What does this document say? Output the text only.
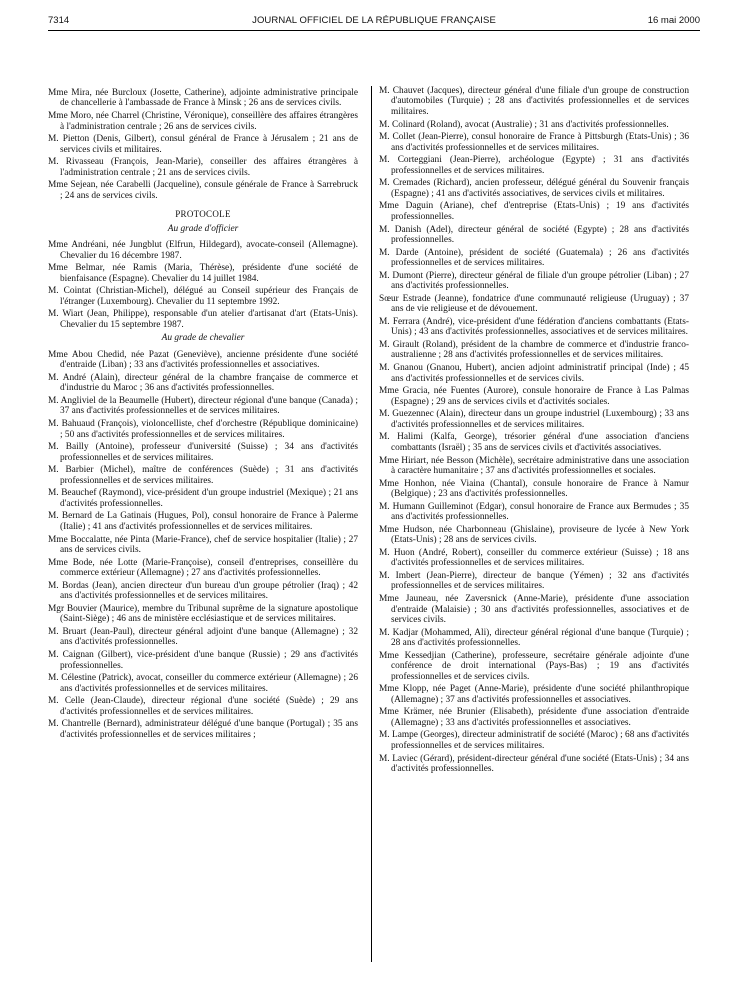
7314	JOURNAL OFFICIEL DE LA RÉPUBLIQUE FRANÇAISE	16 mai 2000
Mme Mira, née Burcloux (Josette, Catherine), adjointe administrative principale de chancellerie à l'ambassade de France à Minsk ; 26 ans de services civils.
Mme Moro, née Charrel (Christine, Véronique), conseillère des affaires étrangères à l'administration centrale ; 26 ans de services civils.
M. Pietton (Denis, Gilbert), consul général de France à Jérusalem ; 21 ans de services civils et militaires.
M. Rivasseau (François, Jean-Marie), conseiller des affaires étrangères à l'administration centrale ; 21 ans de services civils.
Mme Sejean, née Carabelli (Jacqueline), consule générale de France à Sarrebruck ; 24 ans de services civils.
PROTOCOLE
Au grade d'officier
Mme Andréani, née Jungblut (Elfrun, Hildegard), avocate-conseil (Allemagne). Chevalier du 16 décembre 1987.
Mme Belmar, née Ramis (Maria, Thérèse), présidente d'une société de bienfaisance (Espagne). Chevalier du 14 juillet 1984.
M. Cointat (Christian-Michel), délégué au Conseil supérieur des Français de l'étranger (Luxembourg). Chevalier du 11 septembre 1992.
M. Wiart (Jean, Philippe), responsable d'un atelier d'artisanat d'art (Etats-Unis). Chevalier du 15 septembre 1987.
Au grade de chevalier
Mme Abou Chedid, née Pazat (Geneviève), ancienne présidente d'une société d'entraide (Liban) ; 33 ans d'activités professionnelles et associatives.
M. André (Alain), directeur général de la chambre française de commerce et d'industrie du Maroc ; 36 ans d'activités professionnelles.
M. Angliviel de la Beaumelle (Hubert), directeur régional d'une banque (Canada) ; 37 ans d'activités professionnelles et de services militaires.
M. Bahuaud (François), violoncelliste, chef d'orchestre (République dominicaine) ; 50 ans d'activités professionnelles et de services militaires.
M. Bailly (Antoine), professeur d'université (Suisse) ; 34 ans d'activités professionnelles et de services militaires.
M. Barbier (Michel), maître de conférences (Suède) ; 31 ans d'activités professionnelles et de services militaires.
M. Beauchef (Raymond), vice-président d'un groupe industriel (Mexique) ; 21 ans d'activités professionnelles.
M. Bernard de La Gatinais (Hugues, Pol), consul honoraire de France à Palerme (Italie) ; 41 ans d'activités professionnelles et de services militaires.
Mme Boccalatte, née Pinta (Marie-France), chef de service hospitalier (Italie) ; 27 ans de services civils.
Mme Bode, née Lotte (Marie-Françoise), conseil d'entreprises, conseillère du commerce extérieur (Allemagne) ; 27 ans d'activités professionnelles.
M. Bordas (Jean), ancien directeur d'un bureau d'un groupe pétrolier (Iraq) ; 42 ans d'activités professionnelles et de services militaires.
Mgr Bouvier (Maurice), membre du Tribunal suprême de la signature apostolique (Saint-Siège) ; 46 ans de ministère ecclésiastique et de services militaires.
M. Bruart (Jean-Paul), directeur général adjoint d'une banque (Allemagne) ; 32 ans d'activités professionnelles.
M. Caignan (Gilbert), vice-président d'une banque (Russie) ; 29 ans d'activités professionnelles.
M. Célestine (Patrick), avocat, conseiller du commerce extérieur (Allemagne) ; 26 ans d'activités professionnelles et de services militaires.
M. Celle (Jean-Claude), directeur régional d'une société (Suède) ; 29 ans d'activités professionnelles et de services militaires.
M. Chantrelle (Bernard), administrateur délégué d'une banque (Portugal) ; 35 ans d'activités professionnelles et de services militaires ;
M. Chauvet (Jacques), directeur général d'une filiale d'un groupe de construction d'automobiles (Turquie) ; 28 ans d'activités professionnelles et de services militaires.
M. Colinard (Roland), avocat (Australie) ; 31 ans d'activités professionnelles.
M. Collet (Jean-Pierre), consul honoraire de France à Pittsburgh (Etats-Unis) ; 36 ans d'activités professionnelles et de services militaires.
M. Corteggiani (Jean-Pierre), archéologue (Egypte) ; 31 ans d'activités professionnelles et de services militaires.
M. Cremades (Richard), ancien professeur, délégué général du Souvenir français (Espagne) ; 41 ans d'activités associatives, de services civils et militaires.
Mme Daguin (Ariane), chef d'entreprise (Etats-Unis) ; 19 ans d'activités professionnelles.
M. Danish (Adel), directeur général de société (Egypte) ; 28 ans d'activités professionnelles.
M. Darde (Antoine), président de société (Guatemala) ; 26 ans d'activités professionnelles et de services militaires.
M. Dumont (Pierre), directeur général de filiale d'un groupe pétrolier (Liban) ; 27 ans d'activités professionnelles.
Sœur Estrade (Jeanne), fondatrice d'une communauté religieuse (Uruguay) ; 37 ans de vie religieuse et de dévouement.
M. Ferrara (André), vice-président d'une fédération d'anciens combattants (Etats-Unis) ; 43 ans d'activités professionnelles, associatives et de services militaires.
M. Girault (Roland), président de la chambre de commerce et d'industrie franco-australienne ; 28 ans d'activités professionnelles et de services militaires.
M. Gnanou (Gnanou, Hubert), ancien adjoint administratif principal (Inde) ; 45 ans d'activités professionnelles et de services civils.
Mme Gracia, née Fuentes (Aurore), consule honoraire de France à Las Palmas (Espagne) ; 29 ans de services civils et d'activités sociales.
M. Guezennec (Alain), directeur dans un groupe industriel (Luxembourg) ; 33 ans d'activités professionnelles et de services militaires.
M. Halimi (Kalfa, George), trésorier général d'une association d'anciens combattants (Israël) ; 35 ans de services civils et d'activités associatives.
Mme Hiriart, née Besson (Michèle), secrétaire administrative dans une association à caractère humanitaire ; 37 ans d'activités professionnelles et sociales.
Mme Honhon, née Viaina (Chantal), consule honoraire de France à Namur (Belgique) ; 23 ans d'activités professionnelles.
M. Humann Guilleminot (Edgar), consul honoraire de France aux Bermudes ; 35 ans d'activités professionnelles.
Mme Hudson, née Charbonneau (Ghislaine), proviseure de lycée à New York (Etats-Unis) ; 28 ans de services civils.
M. Huon (André, Robert), conseiller du commerce extérieur (Suisse) ; 18 ans d'activités professionnelles et de services militaires.
M. Imbert (Jean-Pierre), directeur de banque (Yémen) ; 32 ans d'activités professionnelles et de services militaires.
Mme Jauneau, née Zaversnick (Anne-Marie), présidente d'une association d'entraide (Malaisie) ; 30 ans d'activités professionnelles, associatives et de services civils.
M. Kadjar (Mohammed, Ali), directeur général régional d'une banque (Turquie) ; 28 ans d'activités professionnelles.
Mme Kessedjian (Catherine), professeure, secrétaire générale adjointe d'une conférence de droit international (Pays-Bas) ; 19 ans d'activités professionnelles et de services civils.
Mme Klopp, née Paget (Anne-Marie), présidente d'une société philanthropique (Allemagne) ; 37 ans d'activités professionnelles et associatives.
Mme Krämer, née Brunier (Elisabeth), présidente d'une association d'entraide (Allemagne) ; 33 ans d'activités professionnelles et associatives.
M. Lampe (Georges), directeur administratif de société (Maroc) ; 68 ans d'activités professionnelles et de services militaires.
M. Laviec (Gérard), président-directeur général d'une société (Etats-Unis) ; 34 ans d'activités professionnelles.
